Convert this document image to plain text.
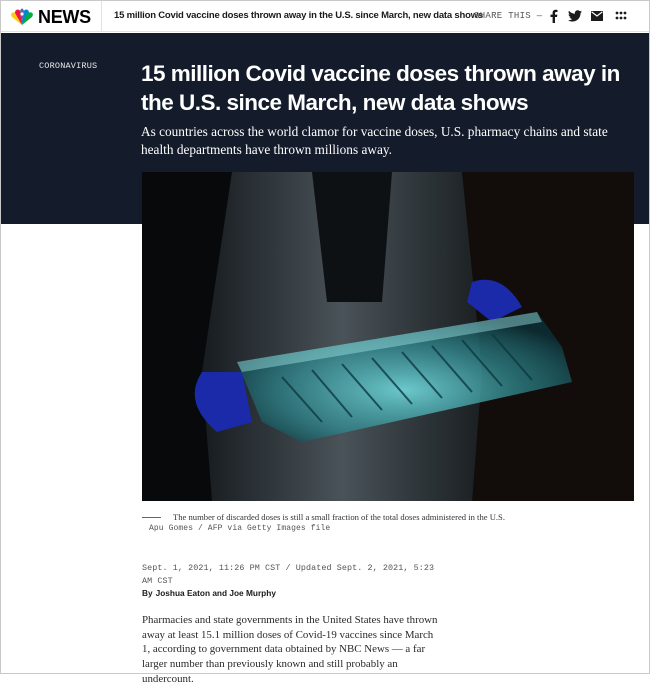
NEWS 15 million Covid vaccine doses thrown away in the U.S. since March, new data shows
SHARE THIS —
CORONAVIRUS 15 million Covid vaccine doses thrown away in the U.S. since March, new data shows

As countries across the world clamor for vaccine doses, U.S. pharmacy chains and state health departments have thrown millions away.

The number of discarded doses is still a small fraction of the total doses administered in the U.S.
Apu Gomes / AFP via Getty Images file
Sept. 1, 2021, 11:26 PM CST / Updated Sept. 2, 2021, 5:23 AM CST
By Joshua Eaton and Joe Murphy

Pharmacies and state governments in the United States have thrown away at least 15.1 million doses of Covid-19 vaccines since March 1, according to government data obtained by NBC News — a far larger number than previously known and still probably an undercount.
